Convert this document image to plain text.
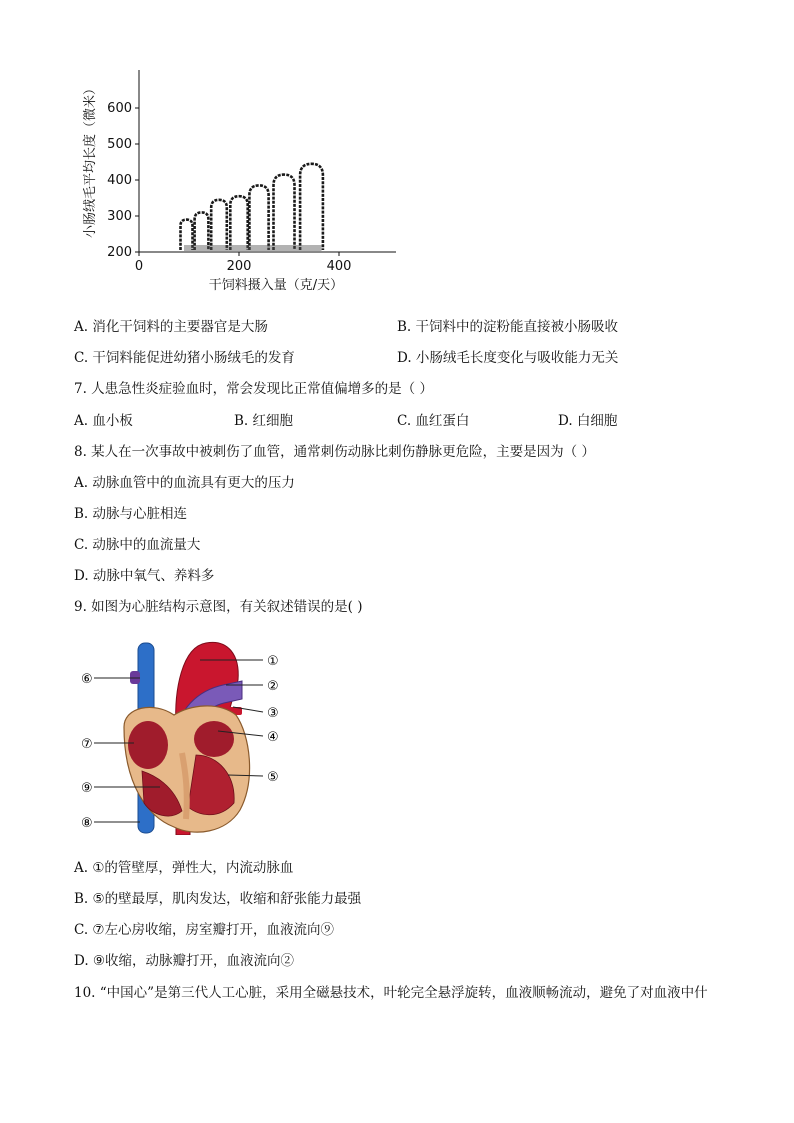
600
500
400
300
200
0	200	400
小肠绒毛平均长度（微米）
干饲料摄入量（克/天）
A. 消化干饲料的主要器官是大肠	B. 干饲料中的淀粉能直接被小肠吸收
C. 干饲料能促进幼猪小肠绒毛的发育	D. 小肠绒毛长度变化与吸收能力无关
7. 人患急性炎症验血时，常会发现比正常值偏增多的是（ ）
A. 血小板	B. 红细胞	C. 血红蛋白	D. 白细胞
8. 某人在一次事故中被刺伤了血管，通常刺伤动脉比刺伤静脉更危险，主要是因为（ ）
A. 动脉血管中的血流具有更大的压力
B. 动脉与心脏相连
C. 动脉中的血流量大
D. 动脉中氧气、养料多
9. 如图为心脏结构示意图，有关叙述错误的是( )
①
②
③
④
⑤
⑥
⑦
⑧
⑨
A. ①的管壁厚，弹性大，内流动脉血
B. ⑤的壁最厚，肌肉发达，收缩和舒张能力最强
C. ⑦左心房收缩，房室瓣打开，血液流向⑨
D. ⑨收缩，动脉瓣打开，血液流向②
10. “中国心”是第三代人工心脏，采用全磁悬技术，叶轮完全悬浮旋转，血液顺畅流动，避免了对血液中什
